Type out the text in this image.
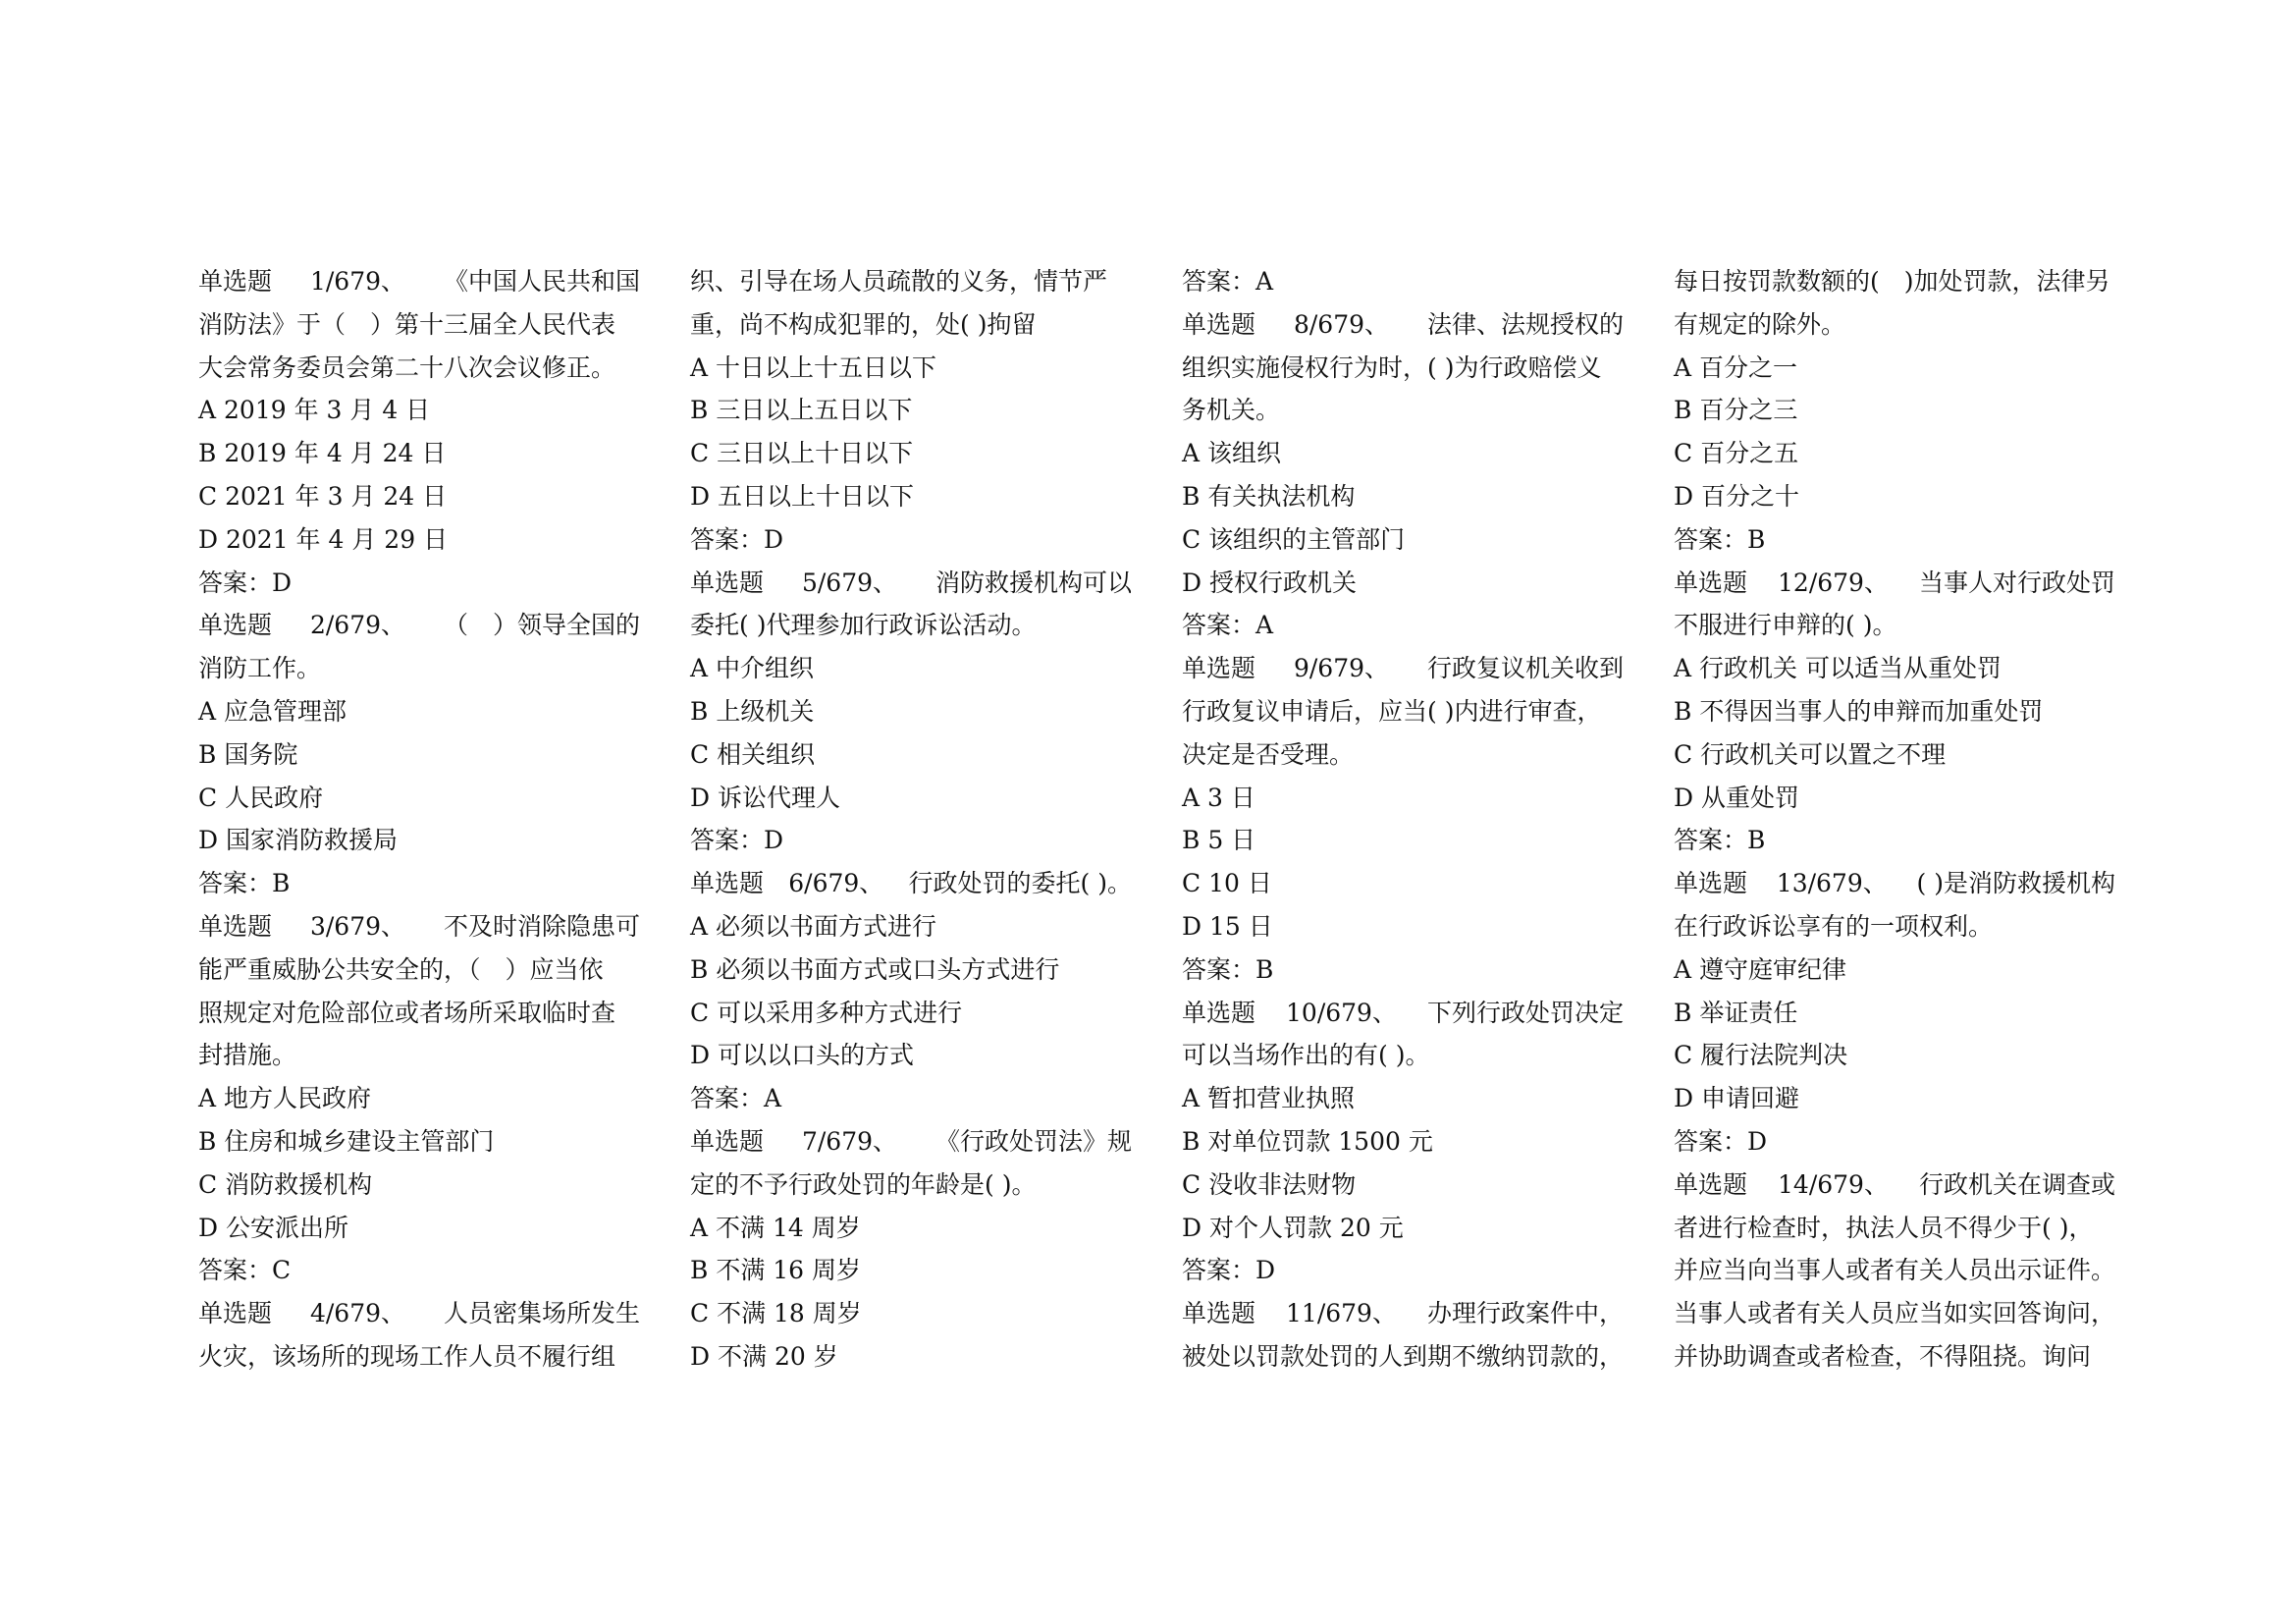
单选题 1/679、 《中国人民共和国
消防法》于（　）第十三届全人民代表
大会常务委员会第二十八次会议修正。
A 2019 年 3 月 4 日
B 2019 年 4 月 24 日
C 2021 年 3 月 24 日
D 2021 年 4 月 29 日
答案：D
单选题 2/679、 （　）领导全国的
消防工作。
A 应急管理部
B 国务院
C 人民政府
D 国家消防救援局
答案：B
单选题 3/679、 不及时消除隐患可
能严重威胁公共安全的，（　）应当依
照规定对危险部位或者场所采取临时查
封措施。
A 地方人民政府
B 住房和城乡建设主管部门
C 消防救援机构
D 公安派出所
答案：C
单选题 4/679、 人员密集场所发生
火灾，该场所的现场工作人员不履行组
织、引导在场人员疏散的义务，情节严
重，尚不构成犯罪的，处( )拘留
A 十日以上十五日以下
B 三日以上五日以下
C 三日以上十日以下
D 五日以上十日以下
答案：D
单选题 5/679、 消防救援机构可以
委托( )代理参加行政诉讼活动。
A 中介组织
B 上级机关
C 相关组织
D 诉讼代理人
答案：D
单选题 6/679、 行政处罚的委托( )。
A 必须以书面方式进行
B 必须以书面方式或口头方式进行
C 可以采用多种方式进行
D 可以以口头的方式
答案：A
单选题 7/679、 《行政处罚法》规
定的不予行政处罚的年龄是( )。
A 不满 14 周岁
B 不满 16 周岁
C 不满 18 周岁
D 不满 20 岁
答案：A
单选题 8/679、 法律、法规授权的
组织实施侵权行为时，( )为行政赔偿义
务机关。
A 该组织
B 有关执法机构
C 该组织的主管部门
D 授权行政机关
答案：A
单选题 9/679、 行政复议机关收到
行政复议申请后，应当( )内进行审查，
决定是否受理。
A 3 日
B 5 日
C 10 日
D 15 日
答案：B
单选题 10/679、 下列行政处罚决定
可以当场作出的有( )。
A 暂扣营业执照
B 对单位罚款 1500 元
C 没收非法财物
D 对个人罚款 20 元
答案：D
单选题 11/679、 办理行政案件中，
被处以罚款处罚的人到期不缴纳罚款的，
每日按罚款数额的(　)加处罚款，法律另
有规定的除外。
A 百分之一
B 百分之三
C 百分之五
D 百分之十
答案：B
单选题 12/679、 当事人对行政处罚
不服进行申辩的( )。
A 行政机关 可以适当从重处罚
B 不得因当事人的申辩而加重处罚
C 行政机关可以置之不理
D 从重处罚
答案：B
单选题 13/679、 ( )是消防救援机构
在行政诉讼享有的一项权利。
A 遵守庭审纪律
B 举证责任
C 履行法院判决
D 申请回避
答案：D
单选题 14/679、 行政机关在调查或
者进行检查时，执法人员不得少于( )，
并应当向当事人或者有关人员出示证件。
当事人或者有关人员应当如实回答询问，
并协助调查或者检查，不得阻挠。询问
